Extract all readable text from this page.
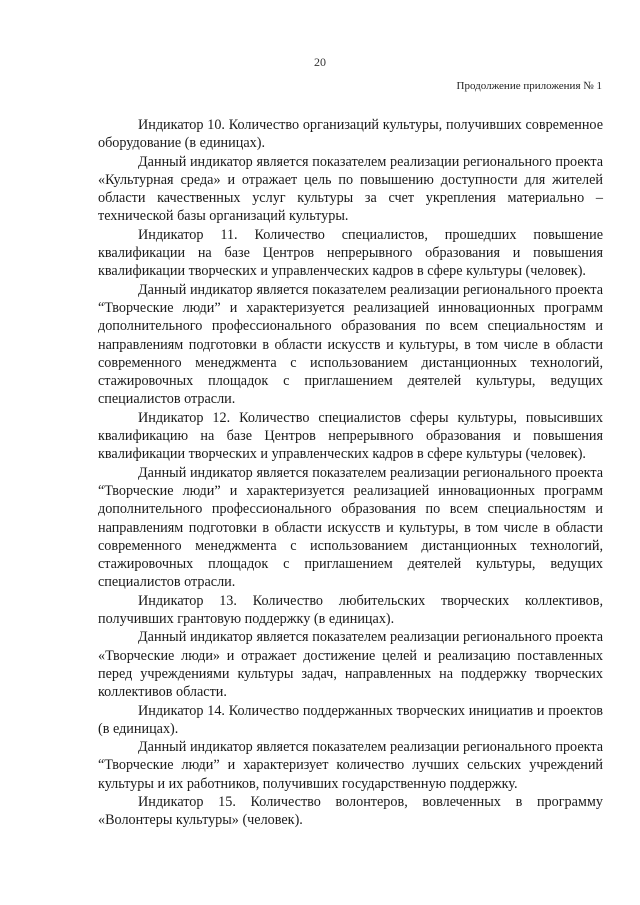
20
Продолжение приложения № 1

Индикатор 10. Количество организаций культуры, получивших современное оборудование (в единицах).

Данный индикатор является показателем реализации регионального проекта «Культурная среда» и отражает цель по повышению доступности для жителей области качественных услуг культуры за счет укрепления материально – технической базы организаций культуры.

Индикатор 11. Количество специалистов, прошедших повышение квалификации на базе Центров непрерывного образования и повышения квалификации творческих и управленческих кадров в сфере культуры (человек).

Данный индикатор является показателем реализации регионального проекта “Творческие люди” и характеризуется реализацией инновационных программ дополнительного профессионального образования по всем специальностям и направлениям подготовки в области искусств и культуры, в том числе в области современного менеджмента с использованием дистанционных технологий, стажировочных площадок с приглашением деятелей культуры, ведущих специалистов отрасли.

Индикатор 12. Количество специалистов сферы культуры, повысивших квалификацию на базе Центров непрерывного образования и повышения квалификации творческих и управленческих кадров в сфере культуры (человек).

Данный индикатор является показателем реализации регионального проекта “Творческие люди” и характеризуется реализацией инновационных программ дополнительного профессионального образования по всем специальностям и направлениям подготовки в области искусств и культуры, в том числе в области современного менеджмента с использованием дистанционных технологий, стажировочных площадок с приглашением деятелей культуры, ведущих специалистов отрасли.

Индикатор 13. Количество любительских творческих коллективов, получивших грантовую поддержку (в единицах).

Данный индикатор является показателем реализации регионального проекта «Творческие люди» и отражает достижение целей и реализацию поставленных перед учреждениями культуры задач, направленных на поддержку творческих коллективов области.

Индикатор 14. Количество поддержанных творческих инициатив и проектов (в единицах).

Данный индикатор является показателем реализации регионального проекта “Творческие люди” и характеризует количество лучших сельских учреждений культуры и их работников, получивших государственную поддержку.

Индикатор 15. Количество волонтеров, вовлеченных в программу «Волонтеры культуры» (человек).
